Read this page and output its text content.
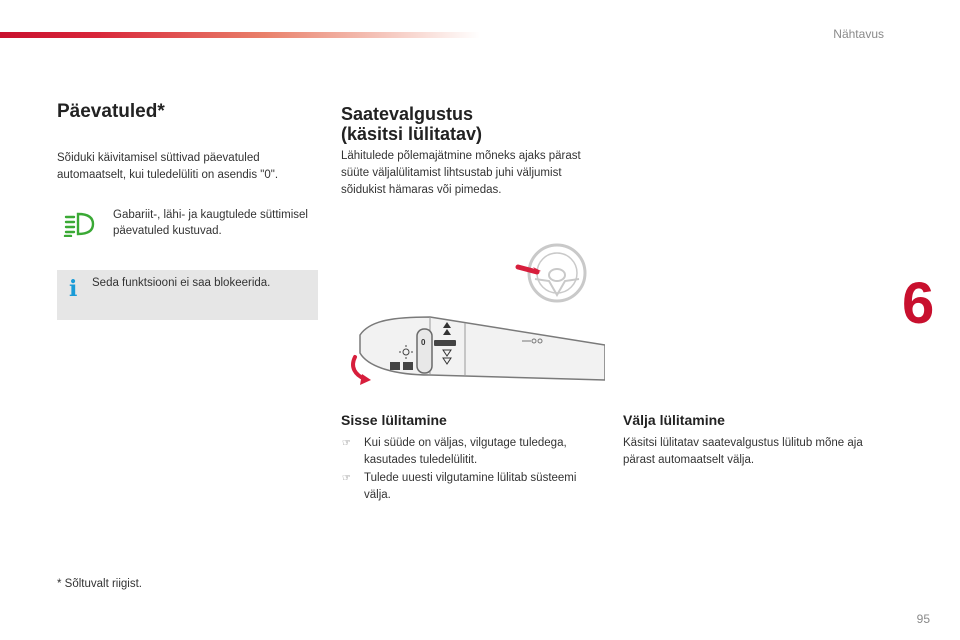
Nähtavus
6
Päevatuled*
Sõiduki käivitamisel süttivad päevatuled automaatselt, kui tuledelüliti on asendis "0".
Gabariit-, lähi- ja kaugtulede süttimisel päevatuled kustuvad.
i Seda funktsiooni ei saa blokeerida.
* Sõltuvalt riigist.
Saatevalgustus
(käsitsi lülitatav)
Lähitulede põlemajätmine mõneks ajaks pärast süüte väljalülitamist lihtsustab juhi väljumist sõidukist hämaras või pimedas.
0
Sisse lülitamine
☞ Kui süüde on väljas, vilgutage tuledega, kasutades tuledelülitit.
☞ Tulede uuesti vilgutamine lülitab süsteemi välja.
Välja lülitamine
Käsitsi lülitatav saatevalgustus lülitub mõne aja pärast automaatselt välja.
95
